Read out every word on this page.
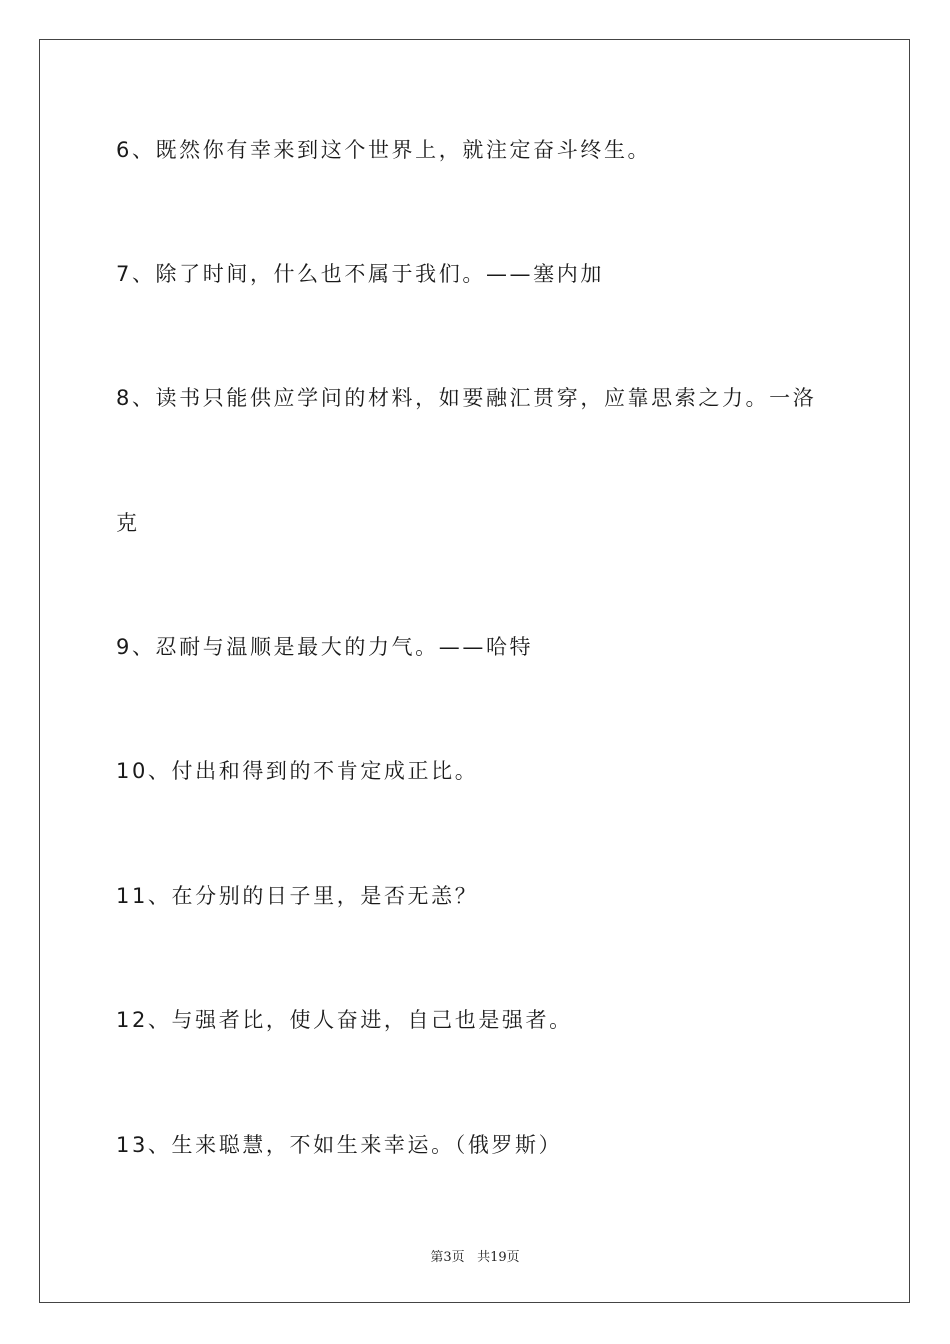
6、既然你有幸来到这个世界上，就注定奋斗终生。
7、除了时间，什么也不属于我们。——塞内加
8、读书只能供应学问的材料，如要融汇贯穿，应靠思索之力。一洛
克
9、忍耐与温顺是最大的力气。——哈特
10、付出和得到的不肯定成正比。
11、在分别的日子里，是否无恙？
12、与强者比，使人奋进，自己也是强者。
13、生来聪慧，不如生来幸运。（俄罗斯）
第3页 共19页
